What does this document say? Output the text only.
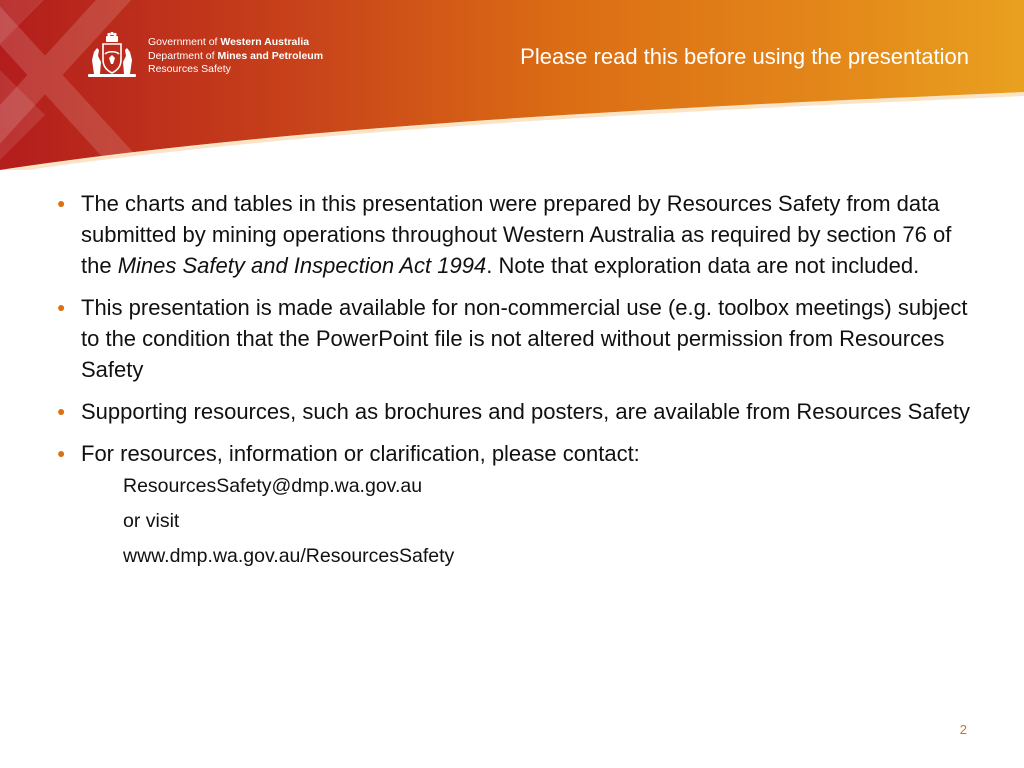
Government of Western Australia
Department of Mines and Petroleum
Resources Safety	Please read this before using the presentation
● The charts and tables in this presentation were prepared by Resources Safety from data submitted by mining operations throughout Western Australia as required by section 76 of the Mines Safety and Inspection Act 1994. Note that exploration data are not included.
● This presentation is made available for non-commercial use (e.g. toolbox meetings) subject to the condition that the PowerPoint file is not altered without permission from Resources Safety
● Supporting resources, such as brochures and posters, are available from Resources Safety
● For resources, information or clarification, please contact:
ResourcesSafety@dmp.wa.gov.au
or visit
www.dmp.wa.gov.au/ResourcesSafety
2
